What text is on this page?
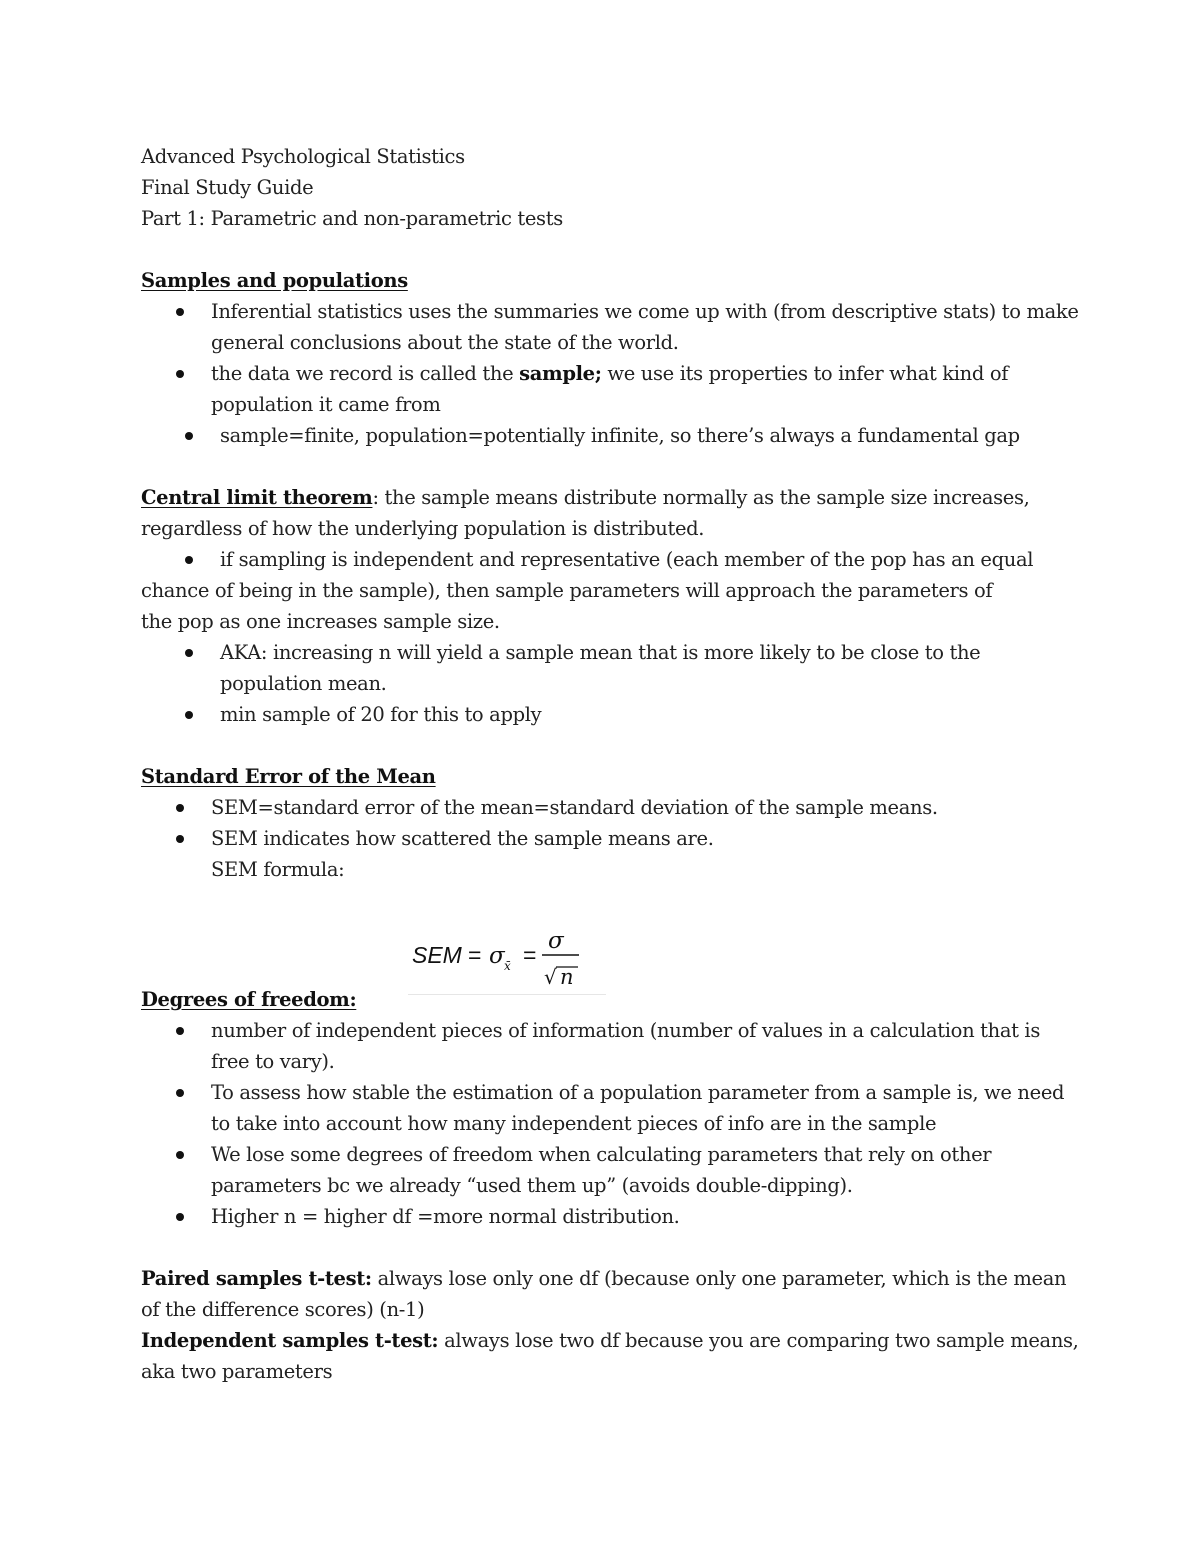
Advanced Psychological Statistics
Final Study Guide
Part 1: Parametric and non-parametric tests
Samples and populations
Inferential statistics uses the summaries we come up with (from descriptive stats) to make
general conclusions about the state of the world.
the data we record is called the sample; we use its properties to infer what kind of
population it came from
sample=finite, population=potentially infinite, so there’s always a fundamental gap
Central limit theorem: the sample means distribute normally as the sample size increases,
regardless of how the underlying population is distributed.
if sampling is independent and representative (each member of the pop has an equal
chance of being in the sample), then sample parameters will approach the parameters of
the pop as one increases sample size.
AKA: increasing n will yield a sample mean that is more likely to be close to the
population mean.
min sample of 20 for this to apply
Standard Error of the Mean
SEM=standard error of the mean=standard deviation of the sample means.
SEM indicates how scattered the sample means are.
SEM formula:
SEM = σ x̄ =
σ
√ n
Degrees of freedom:
number of independent pieces of information (number of values in a calculation that is
free to vary).
To assess how stable the estimation of a population parameter from a sample is, we need
to take into account how many independent pieces of info are in the sample
We lose some degrees of freedom when calculating parameters that rely on other
parameters bc we already “used them up” (avoids double-dipping).
Higher n = higher df =more normal distribution.
Paired samples t-test: always lose only one df (because only one parameter, which is the mean
of the difference scores) (n-1)
Independent samples t-test: always lose two df because you are comparing two sample means,
aka two parameters
